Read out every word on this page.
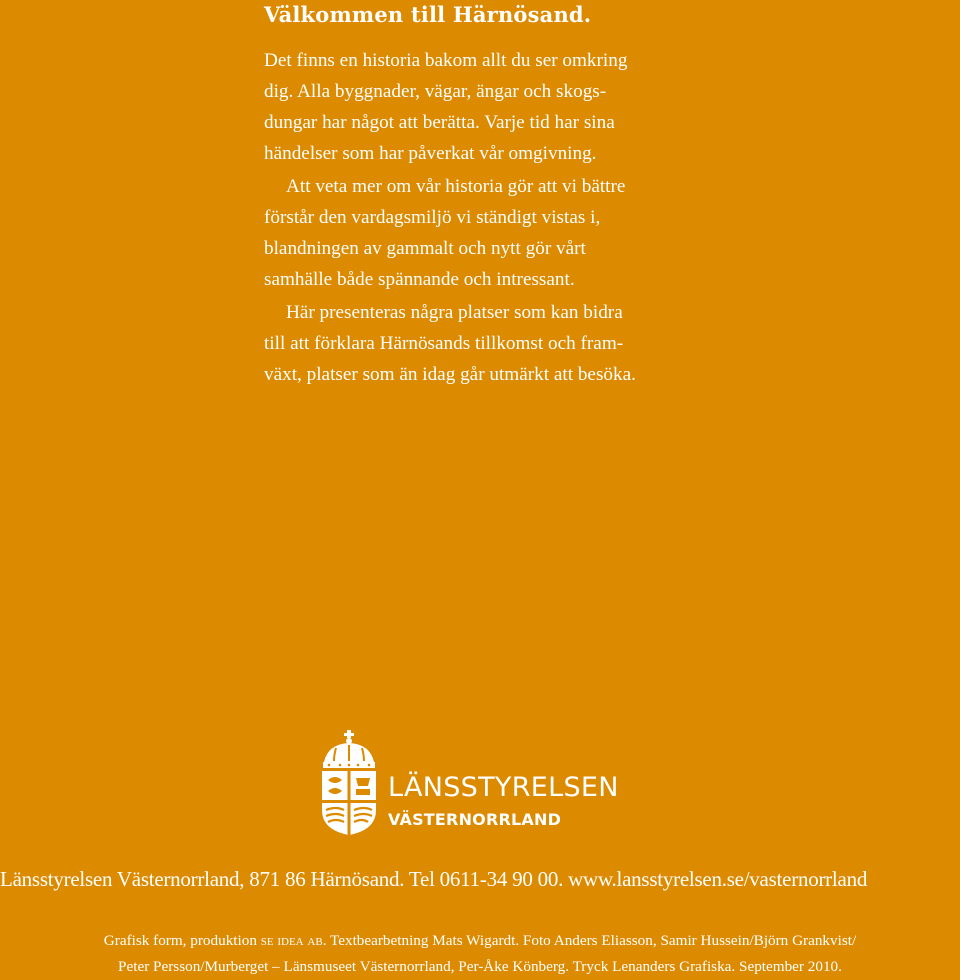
Välkommen till Härnösand.
Det finns en historia bakom allt du ser omkring
dig. Alla byggnader, vägar, ängar och skogs-
dungar har något att berätta. Varje tid har sina
händelser som har påverkat vår omgivning.
Att veta mer om vår historia gör att vi bättre
förstår den vardagsmiljö vi ständigt vistas i,
blandningen av gammalt och nytt gör vårt
samhälle både spännande och intressant.
Här presenteras några platser som kan bidra
till att förklara Härnösands tillkomst och fram-
växt, platser som än idag går utmärkt att besöka.
LÄNSSTYRELSEN
VÄSTERNORRLAND
Länsstyrelsen Västernorrland, 871 86 Härnösand. Tel 0611-34 90 00. www.lansstyrelsen.se/vasternorrland
Grafisk form, produktion se idea ab. Textbearbetning Mats Wigardt. Foto Anders Eliasson, Samir Hussein/Björn Grankvist/
Peter Persson/Murberget – Länsmuseet Västernorrland, Per-Åke Könberg. Tryck Lenanders Grafiska. September 2010.
